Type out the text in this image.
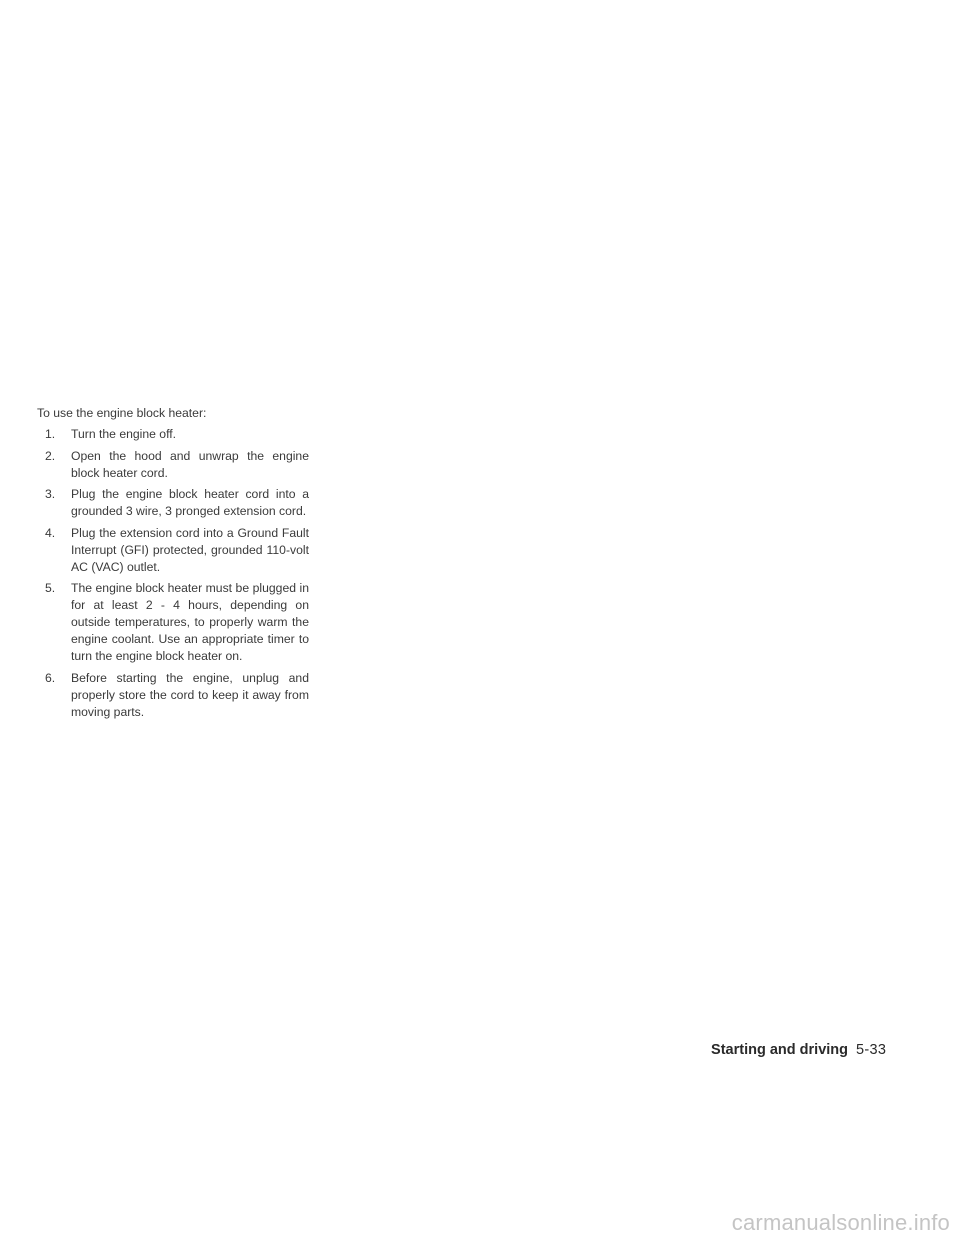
To use the engine block heater:

1. Turn the engine off.
2. Open the hood and unwrap the engine block heater cord.
3. Plug the engine block heater cord into a grounded 3 wire, 3 pronged extension cord.
4. Plug the extension cord into a Ground Fault Interrupt (GFI) protected, grounded 110-volt AC (VAC) outlet.
5. The engine block heater must be plugged in for at least 2 - 4 hours, depending on outside temperatures, to properly warm the engine coolant. Use an appropriate timer to turn the engine block heater on.
6. Before starting the engine, unplug and properly store the cord to keep it away from moving parts.
Starting and driving 5-33
carmanualsonline.info
